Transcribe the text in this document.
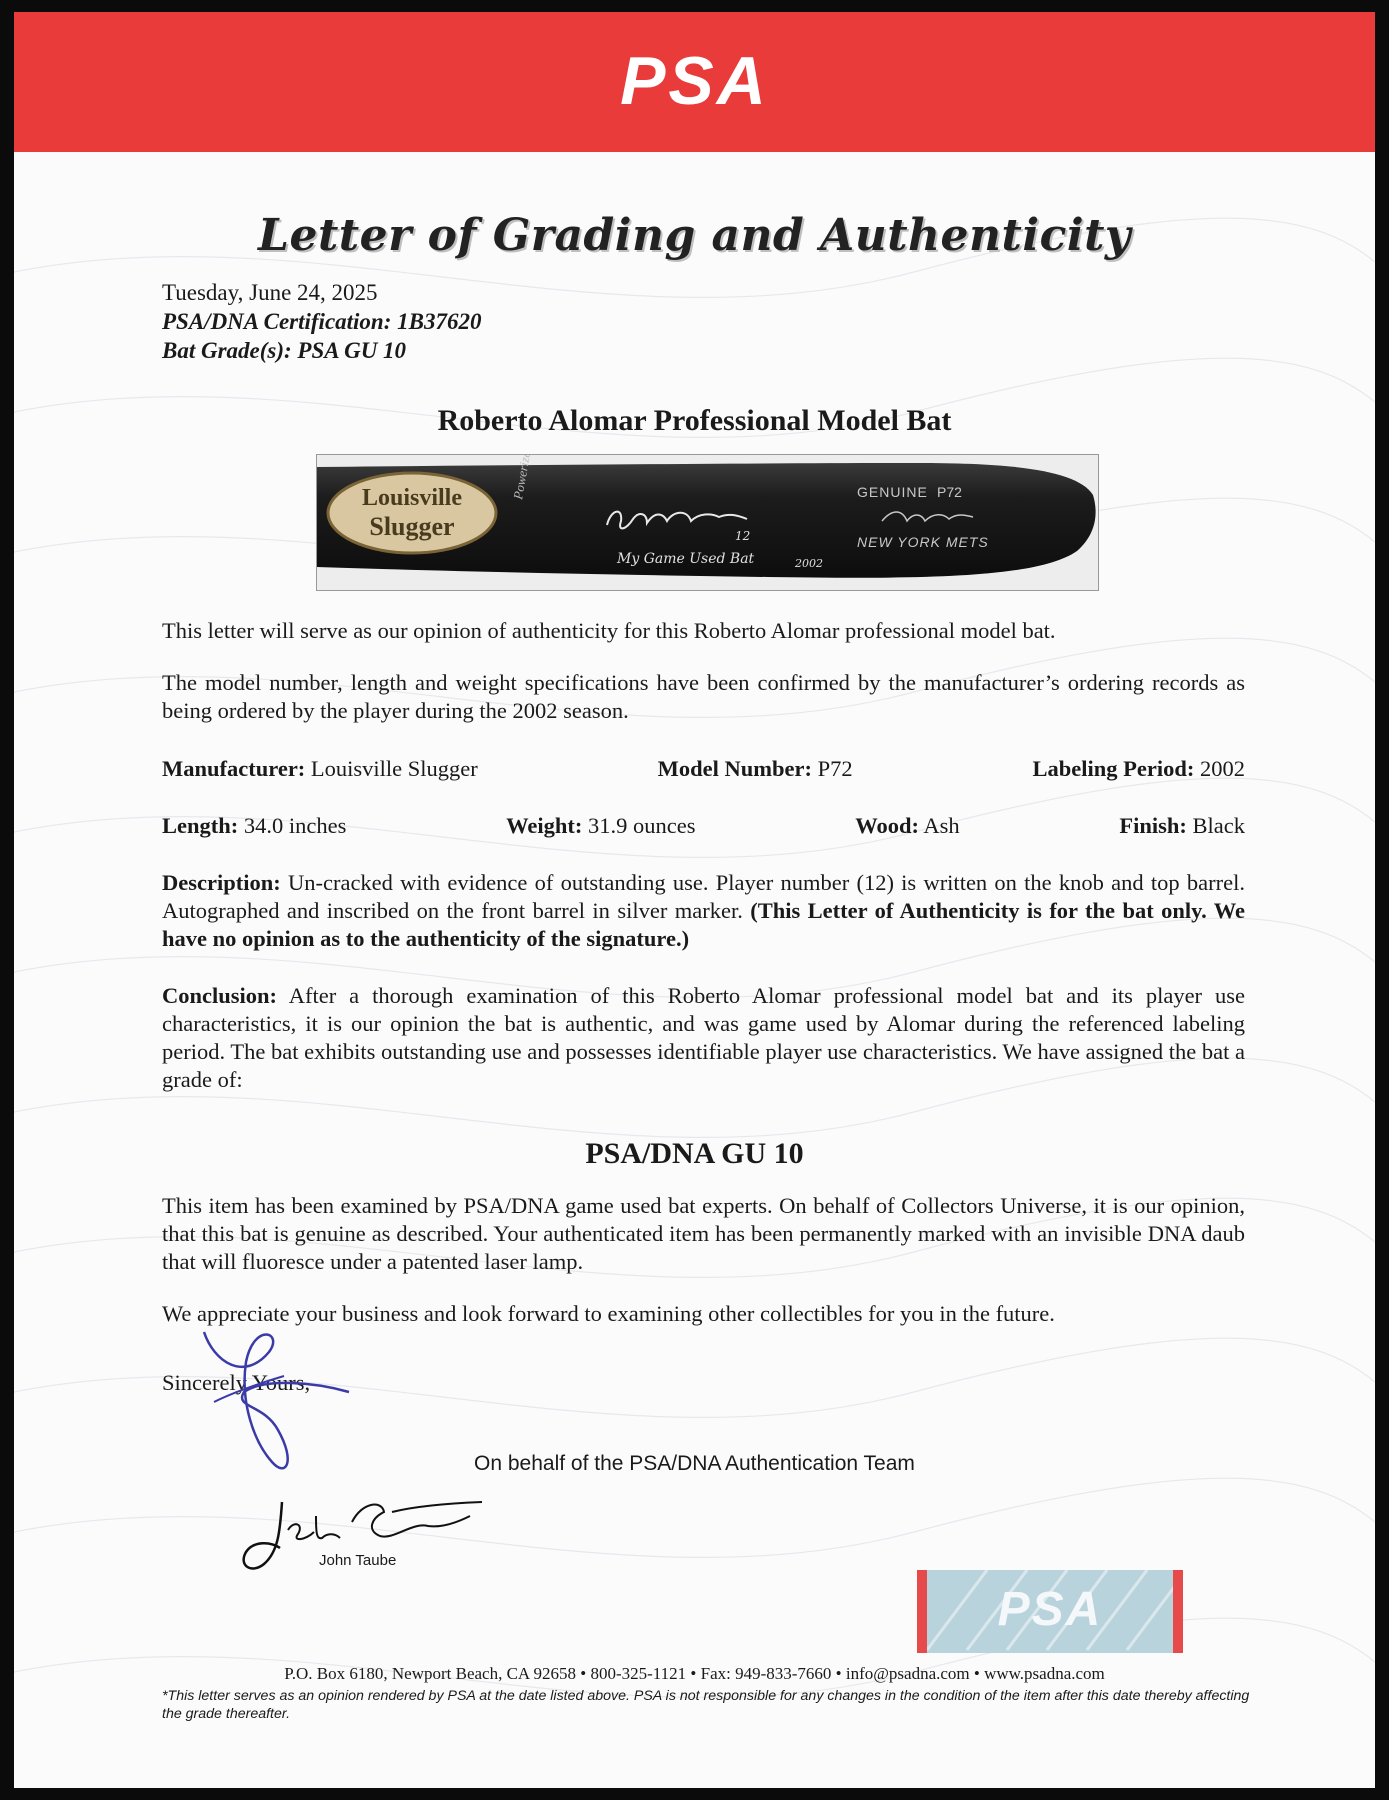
PSA
Letter of Grading and Authenticity
Tuesday, June 24, 2025
PSA/DNA Certification: 1B37620
Bat Grade(s): PSA GU 10
Roberto Alomar Professional Model Bat
Louisville
Slugger
Powerized	GENUINE P72
NEW YORK METS
12
My Game Used Bat	2002
This letter will serve as our opinion of authenticity for this Roberto Alomar professional model bat.
The model number, length and weight specifications have been confirmed by the manufacturer’s ordering records as being ordered by the player during the 2002 season.
Manufacturer: Louisville Slugger	Model Number: P72	Labeling Period: 2002
Length: 34.0 inches	Weight: 31.9 ounces	Wood: Ash	Finish: Black
Description: Un-cracked with evidence of outstanding use. Player number (12) is written on the knob and top barrel. Autographed and inscribed on the front barrel in silver marker. (This Letter of Authenticity is for the bat only. We have no opinion as to the authenticity of the signature.)
Conclusion: After a thorough examination of this Roberto Alomar professional model bat and its player use characteristics, it is our opinion the bat is authentic, and was game used by Alomar during the referenced labeling period. The bat exhibits outstanding use and possesses identifiable player use characteristics. We have assigned the bat a grade of:
PSA/DNA GU 10
This item has been examined by PSA/DNA game used bat experts. On behalf of Collectors Universe, it is our opinion, that this bat is genuine as described. Your authenticated item has been permanently marked with an invisible DNA daub that will fluoresce under a patented laser lamp.
We appreciate your business and look forward to examining other collectibles for you in the future.
Sincerely Yours,
On behalf of the PSA/DNA Authentication Team
John Taube
PSA
P.O. Box 6180, Newport Beach, CA 92658 • 800-325-1121 • Fax: 949-833-7660 • info@psadna.com • www.psadna.com
*This letter serves as an opinion rendered by PSA at the date listed above. PSA is not responsible for any changes in the condition of the item after this date thereby affecting the grade thereafter.
